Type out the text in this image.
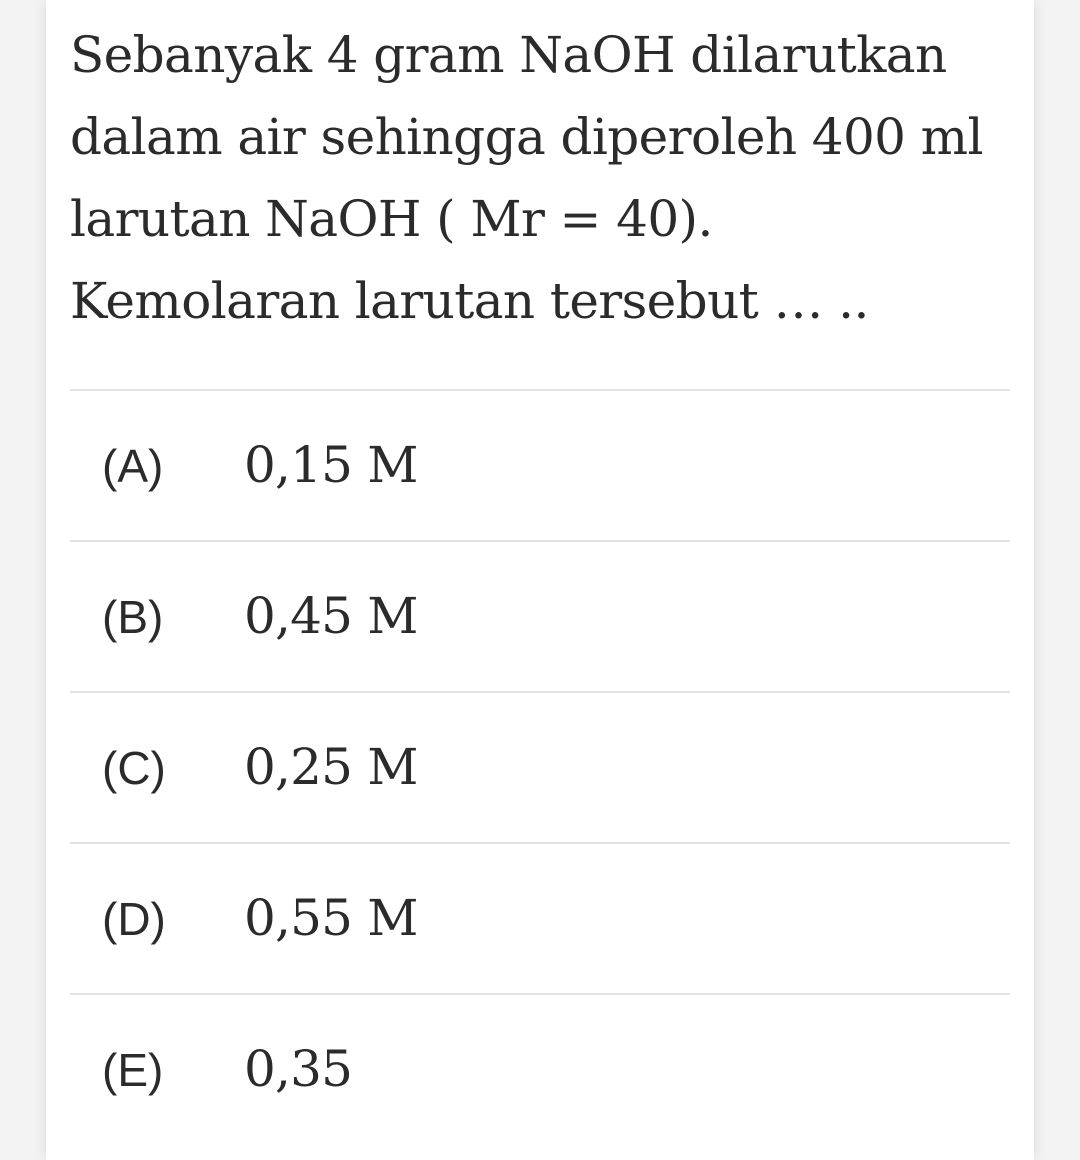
Sebanyak 4 gram NaOH dilarutkan dalam air sehingga diperoleh 400 ml larutan NaOH ( Mr = 40). Kemolaran larutan tersebut … ..

(A) 0,15 M
(B) 0,45 M
(C) 0,25 M
(D) 0,55 M
(E) 0,35
